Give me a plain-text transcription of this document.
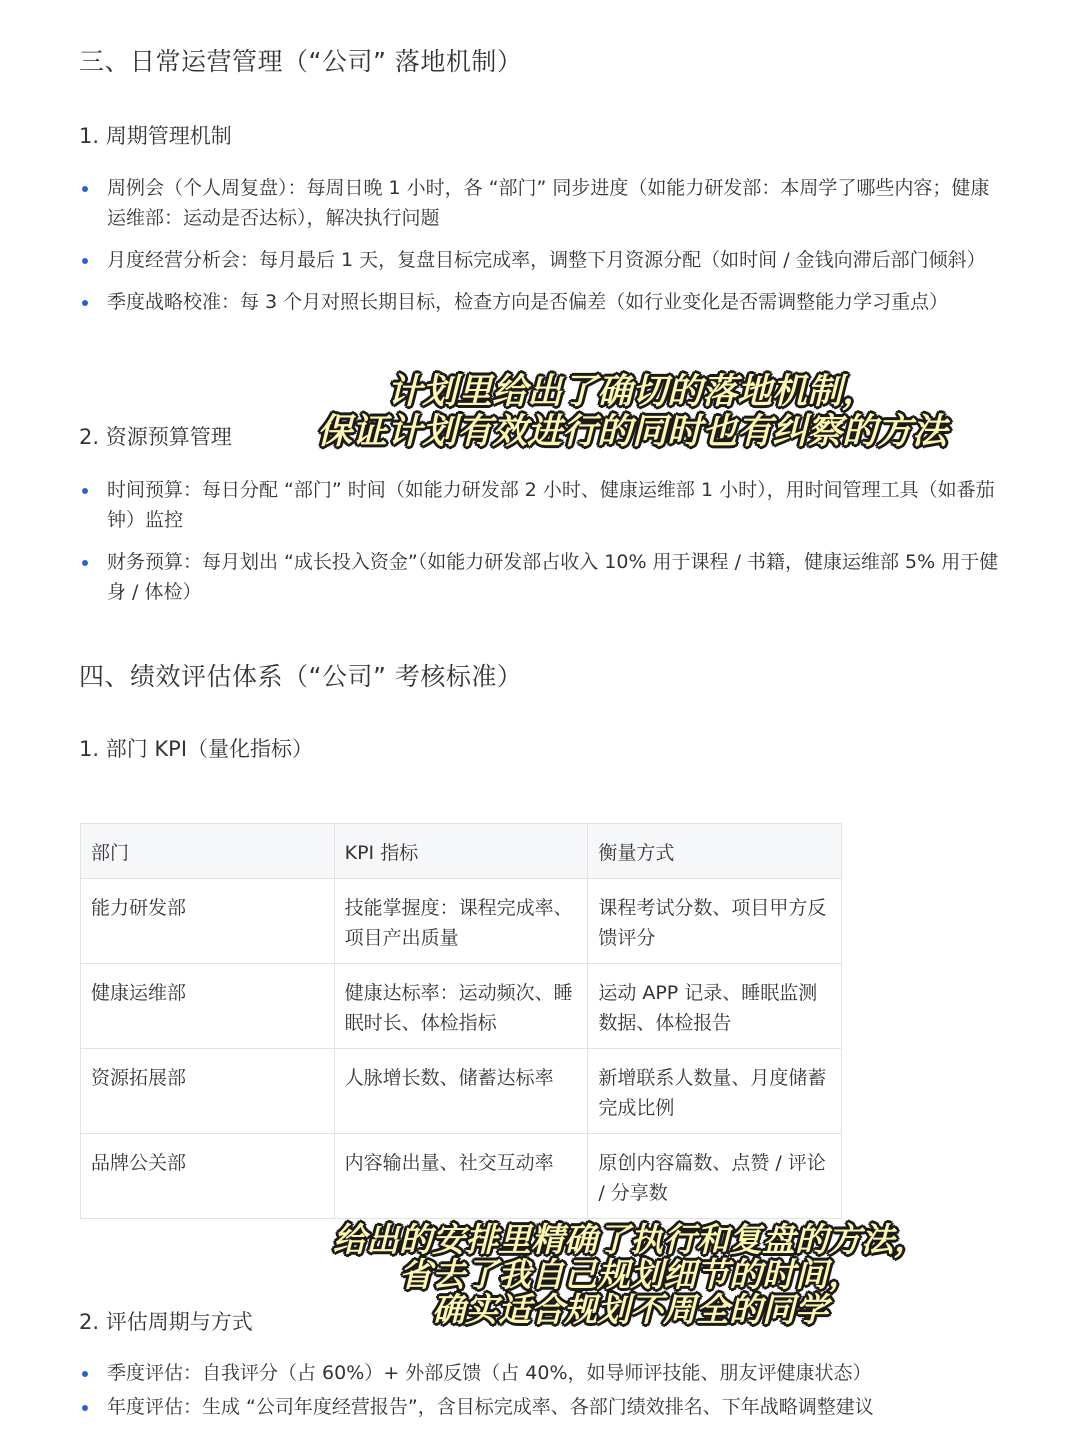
三、日常运营管理（“公司” 落地机制）
1. 周期管理机制
周例会（个人周复盘）：每周日晚 1 小时，各 “部门” 同步进度（如能力研发部：本周学了哪些内容；健康运维部：运动是否达标），解决执行问题
月度经营分析会：每月最后 1 天，复盘目标完成率，调整下月资源分配（如时间 / 金钱向滞后部门倾斜）
季度战略校准：每 3 个月对照长期目标，检查方向是否偏差（如行业变化是否需调整能力学习重点）
2. 资源预算管理
时间预算：每日分配 “部门” 时间（如能力研发部 2 小时、健康运维部 1 小时），用时间管理工具（如番茄钟）监控
财务预算：每月划出 “成长投入资金”（如能力研发部占收入 10% 用于课程 / 书籍，健康运维部 5% 用于健身 / 体检）
四、绩效评估体系（“公司” 考核标准）
1. 部门 KPI（量化指标）
部门	KPI 指标	衡量方式
能力研发部	技能掌握度：课程完成率、项目产出质量	课程考试分数、项目甲方反馈评分
健康运维部	健康达标率：运动频次、睡眠时长、体检指标	运动 APP 记录、睡眠监测数据、体检报告
资源拓展部	人脉增长数、储蓄达标率	新增联系人数量、月度储蓄完成比例
品牌公关部	内容输出量、社交互动率	原创内容篇数、点赞 / 评论 / 分享数
2. 评估周期与方式
季度评估：自我评分（占 60%）+ 外部反馈（占 40%，如导师评技能、朋友评健康状态）
年度评估：生成 “公司年度经营报告”，含目标完成率、各部门绩效排名、下年战略调整建议
计划里给出了确切的落地机制，
保证计划有效进行的同时也有纠察的方法
给出的安排里精确了执行和复盘的方法，
省去了我自己规划细节的时间，
确实适合规划不周全的同学
